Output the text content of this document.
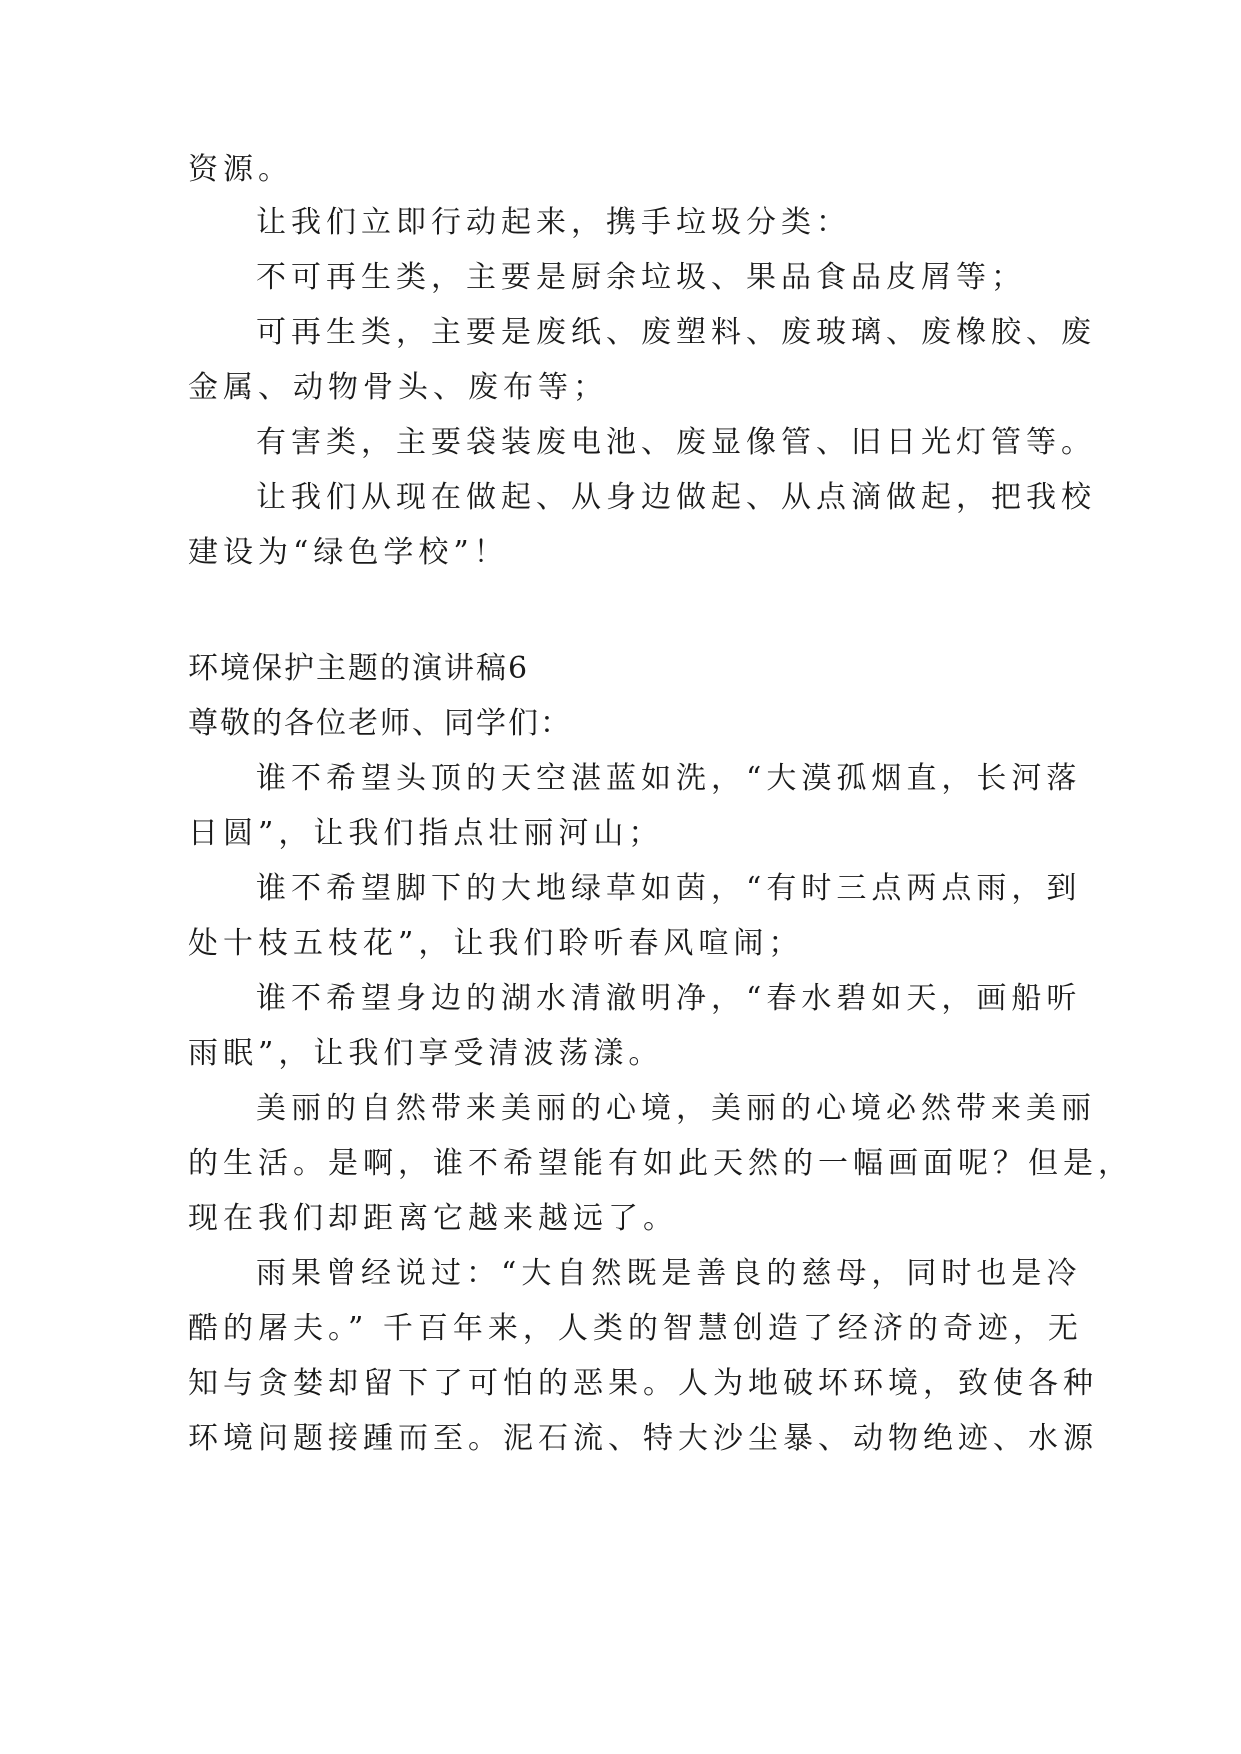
资源。

让我们立即行动起来，携手垃圾分类：

不可再生类，主要是厨余垃圾、果品食品皮屑等；

可再生类，主要是废纸、废塑料、废玻璃、废橡胶、废

金属、动物骨头、废布等；

有害类，主要袋装废电池、废显像管、旧日光灯管等。

让我们从现在做起、从身边做起、从点滴做起，把我校

建设为“绿色学校”！

环境保护主题的演讲稿6

尊敬的各位老师、同学们：

谁不希望头顶的天空湛蓝如洗，“大漠孤烟直，长河落

日圆”，让我们指点壮丽河山；

谁不希望脚下的大地绿草如茵，“有时三点两点雨，到

处十枝五枝花”，让我们聆听春风喧闹；

谁不希望身边的湖水清澈明净，“春水碧如天，画船听

雨眠”，让我们享受清波荡漾。

美丽的自然带来美丽的心境，美丽的心境必然带来美丽

的生活。是啊，谁不希望能有如此天然的一幅画面呢？但是，

现在我们却距离它越来越远了。

雨果曾经说过：“大自然既是善良的慈母，同时也是冷

酷的屠夫。” 千百年来，人类的智慧创造了经济的奇迹，无

知与贪婪却留下了可怕的恶果。人为地破坏环境，致使各种

环境问题接踵而至。泥石流、特大沙尘暴、动物绝迹、水源
